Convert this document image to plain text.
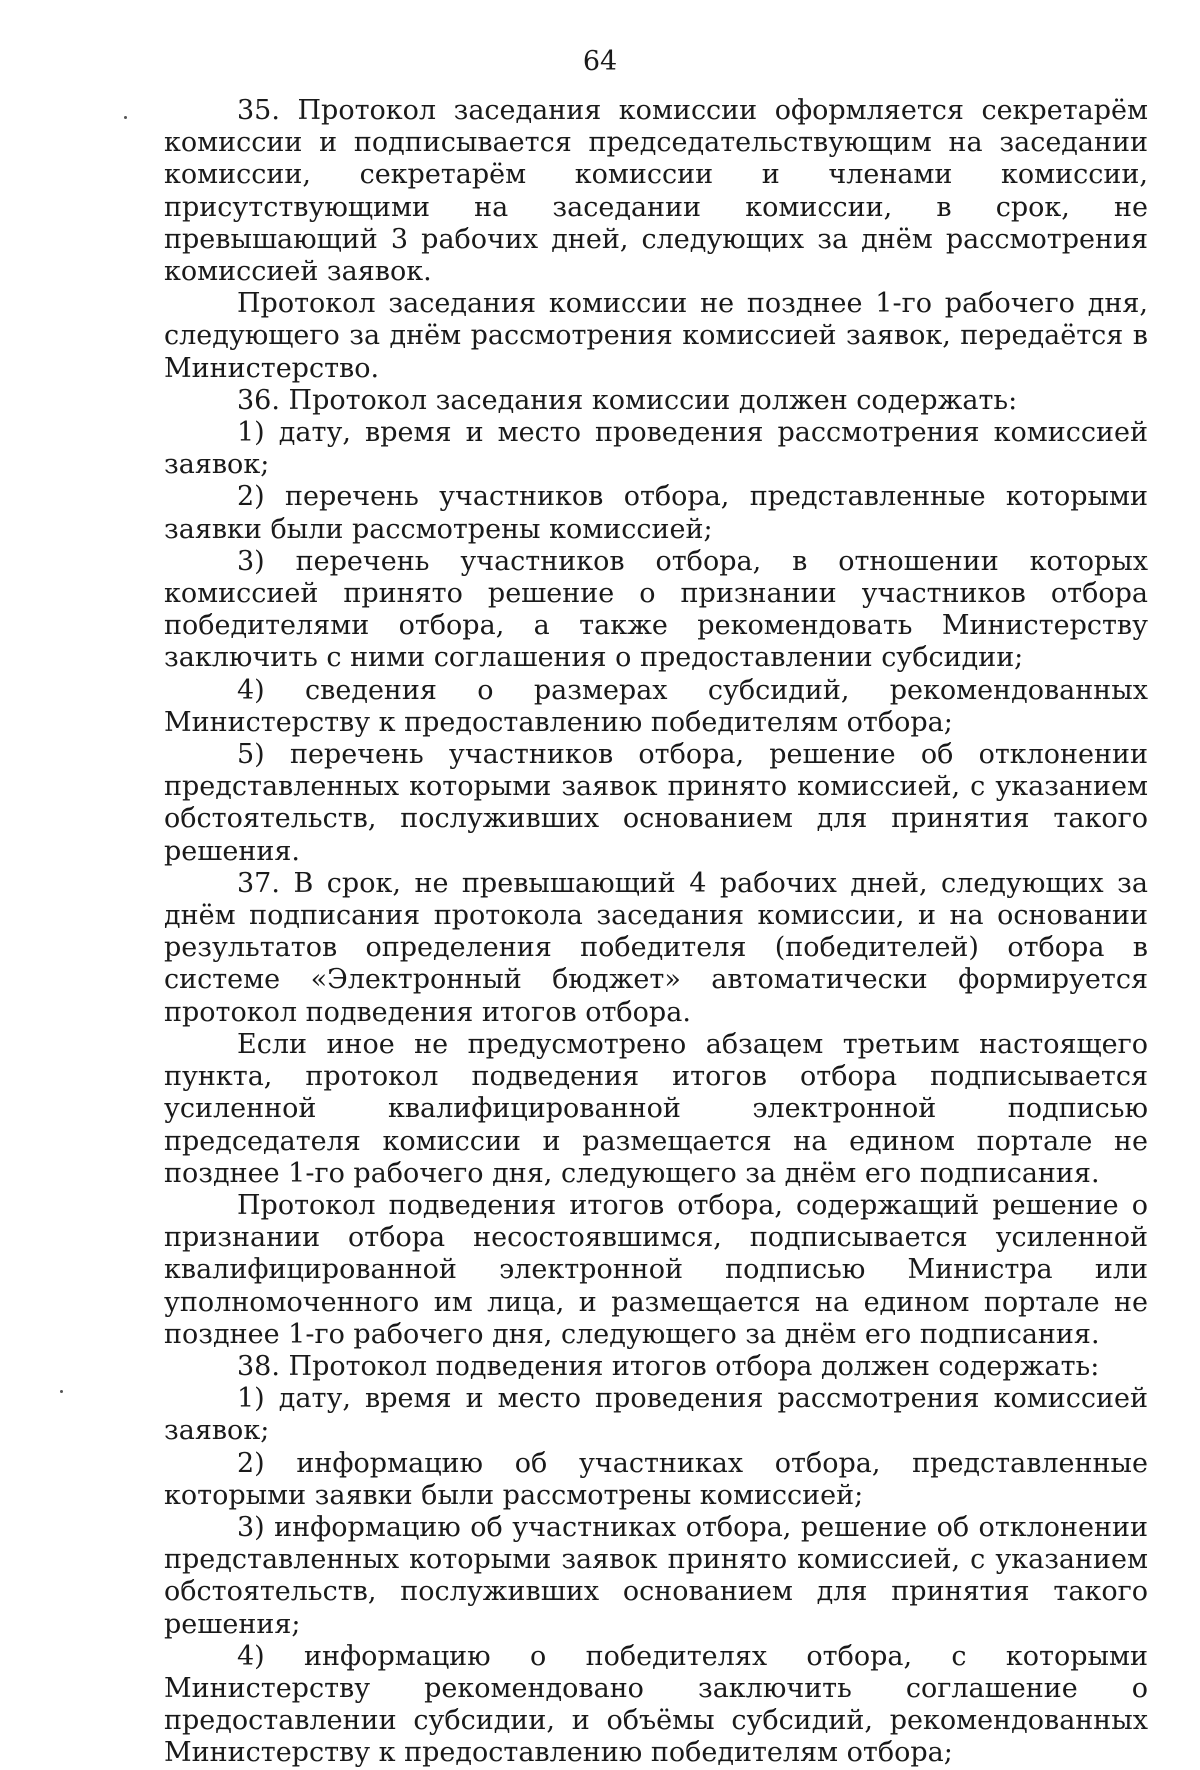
64

35. Протокол заседания комиссии оформляется секретарём комиссии и подписывается председательствующим на заседании комиссии, секретарём комиссии и членами комиссии, присутствующими на заседании комиссии, в срок, не превышающий 3 рабочих дней, следующих за днём рассмотрения комиссией заявок.

Протокол заседания комиссии не позднее 1-го рабочего дня, следующего за днём рассмотрения комиссией заявок, передаётся в Министерство.

36. Протокол заседания комиссии должен содержать:

1) дату, время и место проведения рассмотрения комиссией заявок;

2) перечень участников отбора, представленные которыми заявки были рассмотрены комиссией;

3) перечень участников отбора, в отношении которых комиссией принято решение о признании участников отбора победителями отбора, а также рекомендовать Министерству заключить с ними соглашения о предоставлении субсидии;

4) сведения о размерах субсидий, рекомендованных Министерству к предоставлению победителям отбора;

5) перечень участников отбора, решение об отклонении представленных которыми заявок принято комиссией, с указанием обстоятельств, послуживших основанием для принятия такого решения.

37. В срок, не превышающий 4 рабочих дней, следующих за днём подписания протокола заседания комиссии, и на основании результатов определения победителя (победителей) отбора в системе «Электронный бюджет» автоматически формируется протокол подведения итогов отбора.

Если иное не предусмотрено абзацем третьим настоящего пункта, протокол подведения итогов отбора подписывается усиленной квалифицированной электронной подписью председателя комиссии и размещается на едином портале не позднее 1-го рабочего дня, следующего за днём его подписания.

Протокол подведения итогов отбора, содержащий решение о признании отбора несостоявшимся, подписывается усиленной квалифицированной электронной подписью Министра или уполномоченного им лица, и размещается на едином портале не позднее 1-го рабочего дня, следующего за днём его подписания.

38. Протокол подведения итогов отбора должен содержать:

1) дату, время и место проведения рассмотрения комиссией заявок;

2) информацию об участниках отбора, представленные которыми заявки были рассмотрены комиссией;

3) информацию об участниках отбора, решение об отклонении представленных которыми заявок принято комиссией, с указанием обстоятельств, послуживших основанием для принятия такого решения;

4) информацию о победителях отбора, с которыми Министерству рекомендовано заключить соглашение о предоставлении субсидии, и объёмы субсидий, рекомендованных Министерству к предоставлению победителям отбора;
